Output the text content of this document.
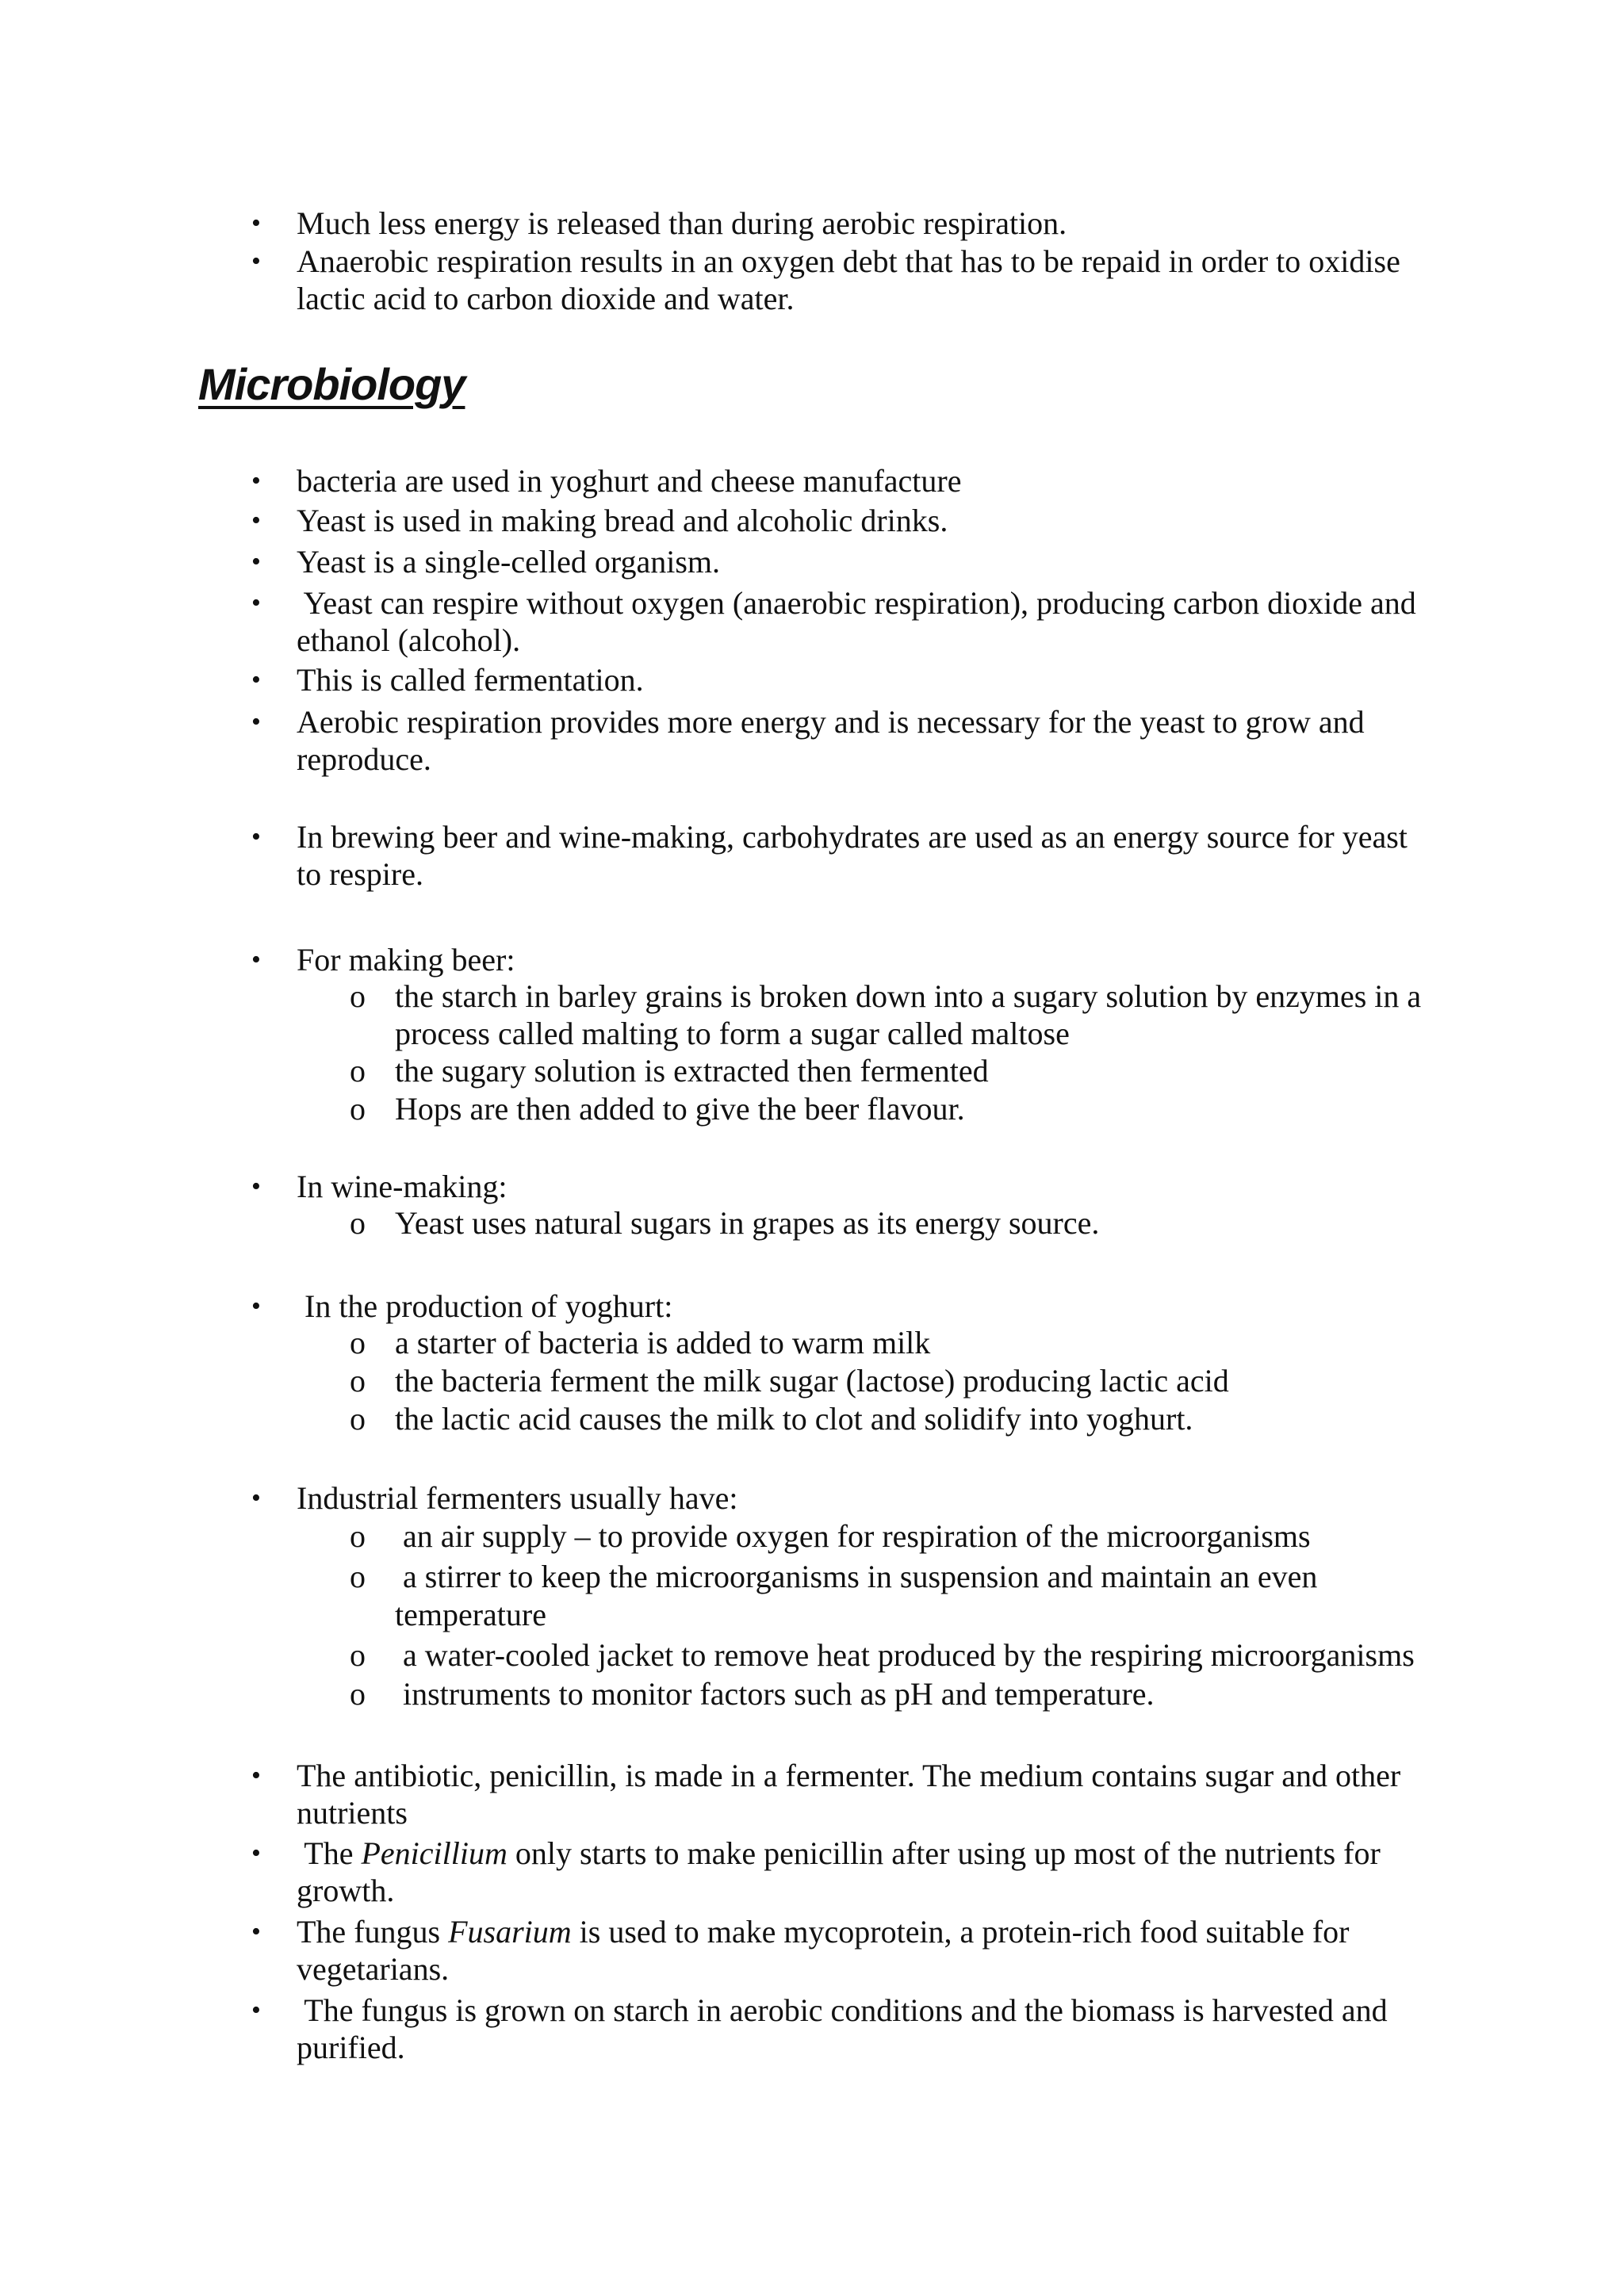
• Much less energy is released than during aerobic respiration.
• Anaerobic respiration results in an oxygen debt that has to be repaid in order to oxidise
lactic acid to carbon dioxide and water.
Microbiology
• bacteria are used in yoghurt and cheese manufacture
• Yeast is used in making bread and alcoholic drinks.
• Yeast is a single-celled organism.
• Yeast can respire without oxygen (anaerobic respiration), producing carbon dioxide and
ethanol (alcohol).
• This is called fermentation.
• Aerobic respiration provides more energy and is necessary for the yeast to grow and
reproduce.
• In brewing beer and wine-making, carbohydrates are used as an energy source for yeast
to respire.
• For making beer:
o the starch in barley grains is broken down into a sugary solution by enzymes in a
process called malting to form a sugar called maltose
o the sugary solution is extracted then fermented
o Hops are then added to give the beer flavour.
• In wine-making:
o Yeast uses natural sugars in grapes as its energy source.
• In the production of yoghurt:
o a starter of bacteria is added to warm milk
o the bacteria ferment the milk sugar (lactose) producing lactic acid
o the lactic acid causes the milk to clot and solidify into yoghurt.
• Industrial fermenters usually have:
o an air supply – to provide oxygen for respiration of the microorganisms
o a stirrer to keep the microorganisms in suspension and maintain an even
temperature
o a water-cooled jacket to remove heat produced by the respiring microorganisms
o instruments to monitor factors such as pH and temperature.
• The antibiotic, penicillin, is made in a fermenter. The medium contains sugar and other
nutrients
• The Penicillium only starts to make penicillin after using up most of the nutrients for
growth.
• The fungus Fusarium is used to make mycoprotein, a protein-rich food suitable for
vegetarians.
• The fungus is grown on starch in aerobic conditions and the biomass is harvested and
purified.
